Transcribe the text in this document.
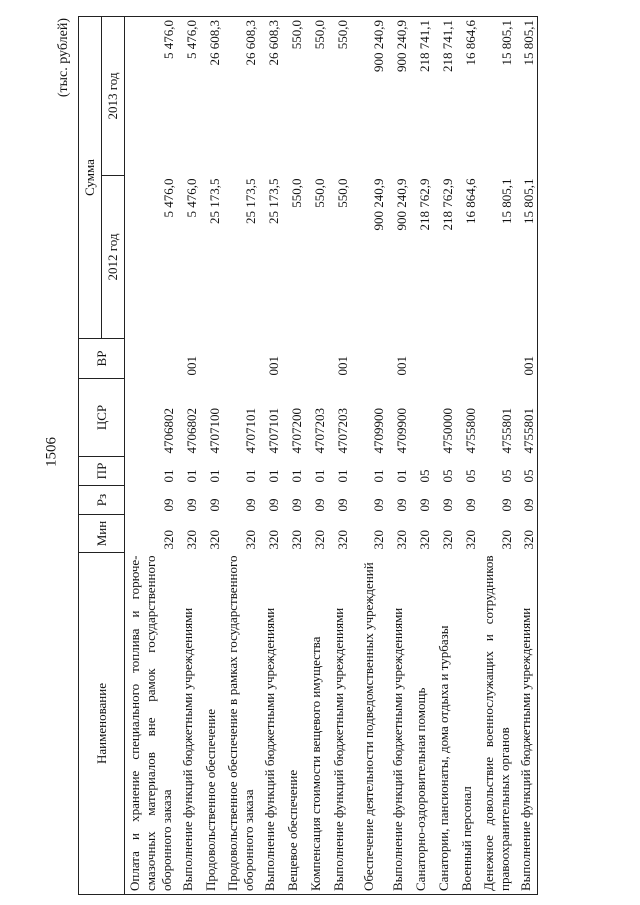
1506
(тыс. рублей)
Наименование	Мин	Рз	ПР	ЦСР	ВР	Сумма	
						2012 год	2013 год
Оплата и хранение специального топлива и горюче-смазочных материалов вне рамок государственного оборонного заказа	320	09	01	4706802		5 476,0	5 476,0
Выполнение функций бюджетными учреждениями	320	09	01	4706802	001	5 476,0	5 476,0
Продовольственное обеспечение	320	09	01	4707100		25 173,5	26 608,3
Продовольственное обеспечение в рамках государственного оборонного заказа	320	09	01	4707101		25 173,5	26 608,3
Выполнение функций бюджетными учреждениями	320	09	01	4707101	001	25 173,5	26 608,3
Вещевое обеспечение	320	09	01	4707200		550,0	550,0
Компенсация стоимости вещевого имущества	320	09	01	4707203		550,0	550,0
Выполнение функций бюджетными учреждениями	320	09	01	4707203	001	550,0	550,0
Обеспечение деятельности подведомственных учреждений	320	09	01	4709900		900 240,9	900 240,9
Выполнение функций бюджетными учреждениями	320	09	01	4709900	001	900 240,9	900 240,9
Санаторно-оздоровительная помощь	320	09	05			218 762,9	218 741,1
Санатории, пансионаты, дома отдыха и турбазы	320	09	05	4750000		218 762,9	218 741,1
Военный персонал	320	09	05	4755800		16 864,6	16 864,6
Денежное довольствие военнослужащих и сотрудников правоохранительных органов	320	09	05	4755801		15 805,1	15 805,1
Выполнение функций бюджетными учреждениями	320	09	05	4755801	001	15 805,1	15 805,1
